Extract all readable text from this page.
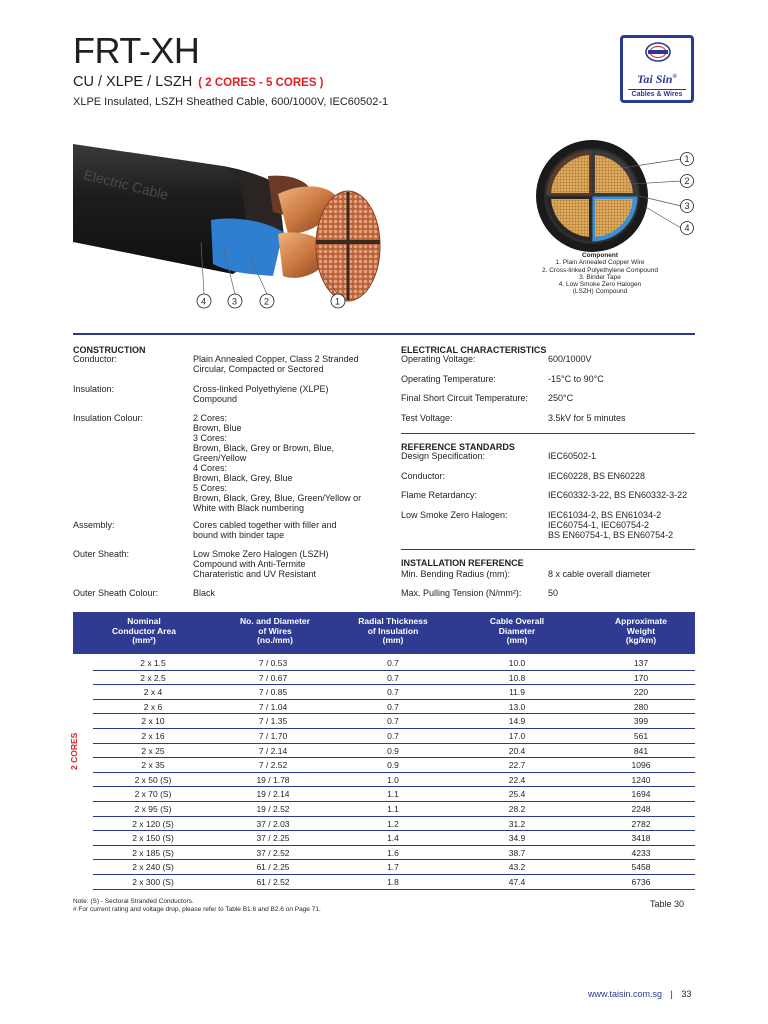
FRT-XH
CU / XLPE / LSZH ( 2 CORES - 5 CORES )
XLPE Insulated, LSZH Sheathed Cable, 600/1000V, IEC60502-1
Tai Sin®
Cables & Wires
Electric Cable
4	3	2	1
1
2
3
4
Component
1. Plain Annealed Copper Wire
2. Cross-linked Polyethylene Compound
3. Binder Tape
4. Low Smoke Zero Halogen
(LSZH) Compound
CONSTRUCTION
Conductor:	Plain Annealed Copper, Class 2 Stranded
Circular, Compacted or Sectored
Insulation:	Cross-linked Polyethylene (XLPE)
Compound
Insulation Colour:	2 Cores:
Brown, Blue
3 Cores:
Brown, Black, Grey or Brown, Blue,
Green/Yellow
4 Cores:
Brown, Black, Grey, Blue
5 Cores:
Brown, Black, Grey, Blue, Green/Yellow or
White with Black numbering
Assembly:	Cores cabled together with filler and
bound with binder tape
Outer Sheath:	Low Smoke Zero Halogen (LSZH)
Compound with Anti-Termite
Charateristic and UV Resistant
Outer Sheath Colour:	Black
ELECTRICAL CHARACTERISTICS
Operating Voltage:	600/1000V
Operating Temperature:	-15°C to 90°C
Final Short Circuit Temperature: 250°C
Test Voltage:	3.5kV for 5 minutes
REFERENCE STANDARDS
Design Specification:	IEC60502-1
Conductor:	IEC60228, BS EN60228
Flame Retardancy:	IEC60332-3-22, BS EN60332-3-22
Low Smoke Zero Halogen:	IEC61034-2, BS EN61034-2
IEC60754-1, IEC60754-2
BS EN60754-1, BS EN60754-2
INSTALLATION REFERENCE
Min. Bending Radius (mm):	8 x cable overall diameter
Max. Pulling Tension (N/mm²):	50
Nominal
Conductor Area
(mm²)
No. and Diameter
of Wires
(no./mm)
Radial Thickness
of Insulation
(mm)
Cable Overall
Diameter
(mm)
Approximate
Weight
(kg/km)
2 CORES
2 x 1.5	7 / 0.53	0.7	10.0	137
2 x 2.5	7 / 0.67	0.7	10.8	170
2 x 4	7 / 0.85	0.7	11.9	220
2 x 6	7 / 1.04	0.7	13.0	280
2 x 10	7 / 1.35	0.7	14.9	399
2 x 16	7 / 1.70	0.7	17.0	561
2 x 25	7 / 2.14	0.9	20.4	841
2 x 35	7 / 2.52	0.9	22.7	1096
2 x 50 (S)	19 / 1.78	1.0	22.4	1240
2 x 70 (S)	19 / 2.14	1.1	25.4	1694
2 x 95 (S)	19 / 2.52	1.1	28.2	2248
2 x 120 (S)	37 / 2.03	1.2	31.2	2782
2 x 150 (S)	37 / 2.25	1.4	34.9	3418
2 x 185 (S)	37 / 2.52	1.6	38.7	4233
2 x 240 (S)	61 / 2.25	1.7	43.2	5458
2 x 300 (S)	61 / 2.52	1.8	47.4	6736
Note: (S) - Sectoral Stranded Conductors.
# For current rating and voltage drop, please refer to Table B1.6 and B2.6 on Page 71.	Table 30
www.taisin.com.sg | 33
